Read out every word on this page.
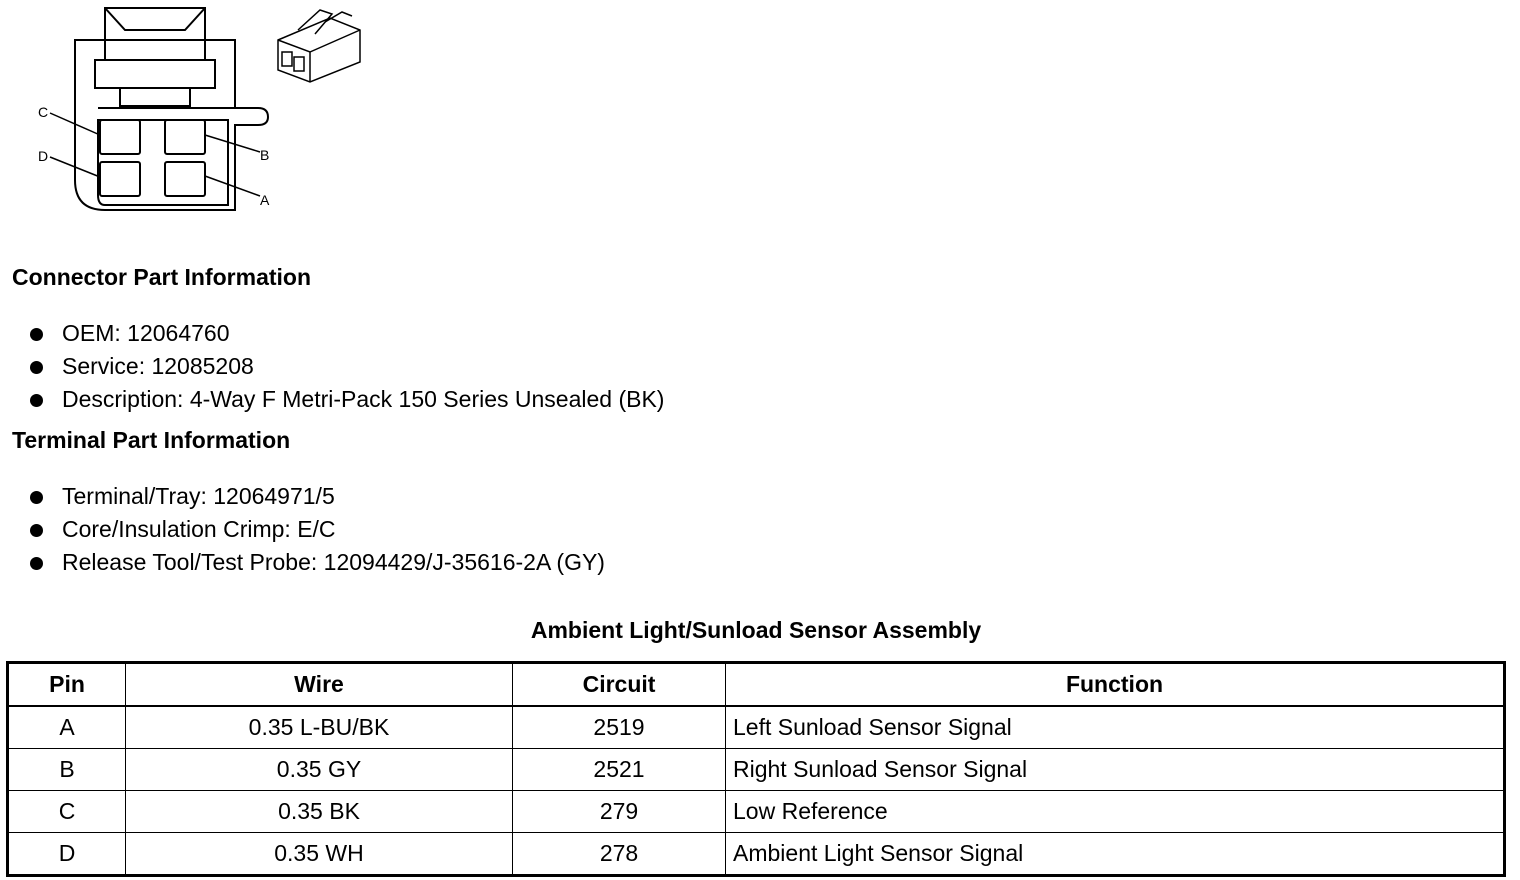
C
D	B
A
Connector Part Information
OEM: 12064760
Service: 12085208
Description: 4-Way F Metri-Pack 150 Series Unsealed (BK)
Terminal Part Information
Terminal/Tray: 12064971/5
Core/Insulation Crimp: E/C
Release Tool/Test Probe: 12094429/J-35616-2A (GY)
Ambient Light/Sunload Sensor Assembly
Pin	Wire	Circuit	Function
A	0.35 L-BU/BK	2519	Left Sunload Sensor Signal
B	0.35 GY	2521	Right Sunload Sensor Signal
C	0.35 BK	279	Low Reference
D	0.35 WH	278	Ambient Light Sensor Signal
